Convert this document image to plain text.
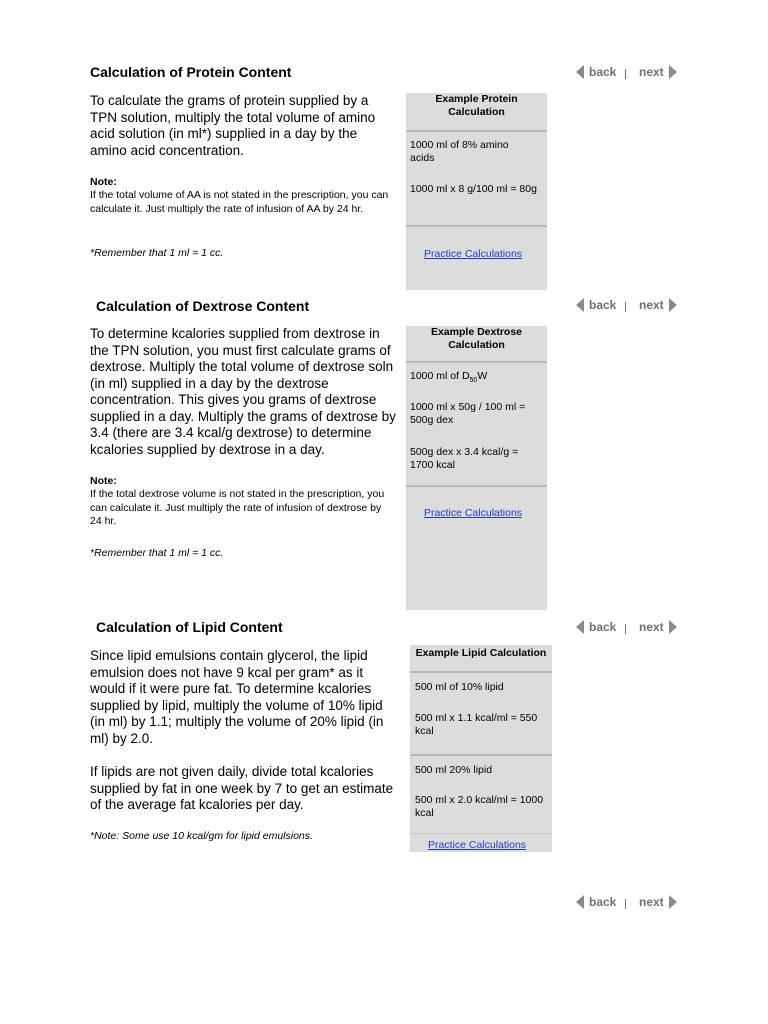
Calculation of Protein Content
To calculate the grams of protein supplied by a TPN solution, multiply the total volume of amino acid solution (in ml*) supplied in a day by the amino acid concentration.
Note:
If the total volume of AA is not stated in the prescription, you can calculate it. Just multiply the rate of infusion of AA by 24 hr.
*Remember that 1 ml = 1 cc.
Example Protein Calculation
1000 ml of 8% amino acids
1000 ml x 8 g/100 ml = 80g
Practice Calculations
back next
Calculation of Dextrose Content
To determine kcalories supplied from dextrose in the TPN solution, you must first calculate grams of dextrose. Multiply the total volume of dextrose soln (in ml) supplied in a day by the dextrose concentration. This gives you grams of dextrose supplied in a day. Multiply the grams of dextrose by 3.4 (there are 3.4 kcal/g dextrose) to determine kcalories supplied by dextrose in a day.
Note:
If the total dextrose volume is not stated in the prescription, you can calculate it. Just multiply the rate of infusion of dextrose by 24 hr.
*Remember that 1 ml = 1 cc.
Example Dextrose Calculation
1000 ml of $D_{50}W$
1000 ml x 50g / 100 ml = 500g dex
500g dex x 3.4 kcal/g = 1700 kcal
Practice Calculations
back next
Calculation of Lipid Content
Since lipid emulsions contain glycerol, the lipid emulsion does not have 9 kcal per gram* as it would if it were pure fat. To determine kcalories supplied by lipid, multiply the volume of 10% lipid (in ml) by 1.1; multiply the volume of 20% lipid (in ml) by 2.0.
If lipids are not given daily, divide total kcalories supplied by fat in one week by 7 to get an estimate of the average fat kcalories per day.
*Note: Some use 10 kcal/gm for lipid emulsions.
Example Lipid Calculation
500 ml of 10% lipid
500 ml x 1.1 kcal/ml = 550 kcal
500 ml 20% lipid
500 ml x 2.0 kcal/ml = 1000 kcal
Practice Calculations
back next
back next
